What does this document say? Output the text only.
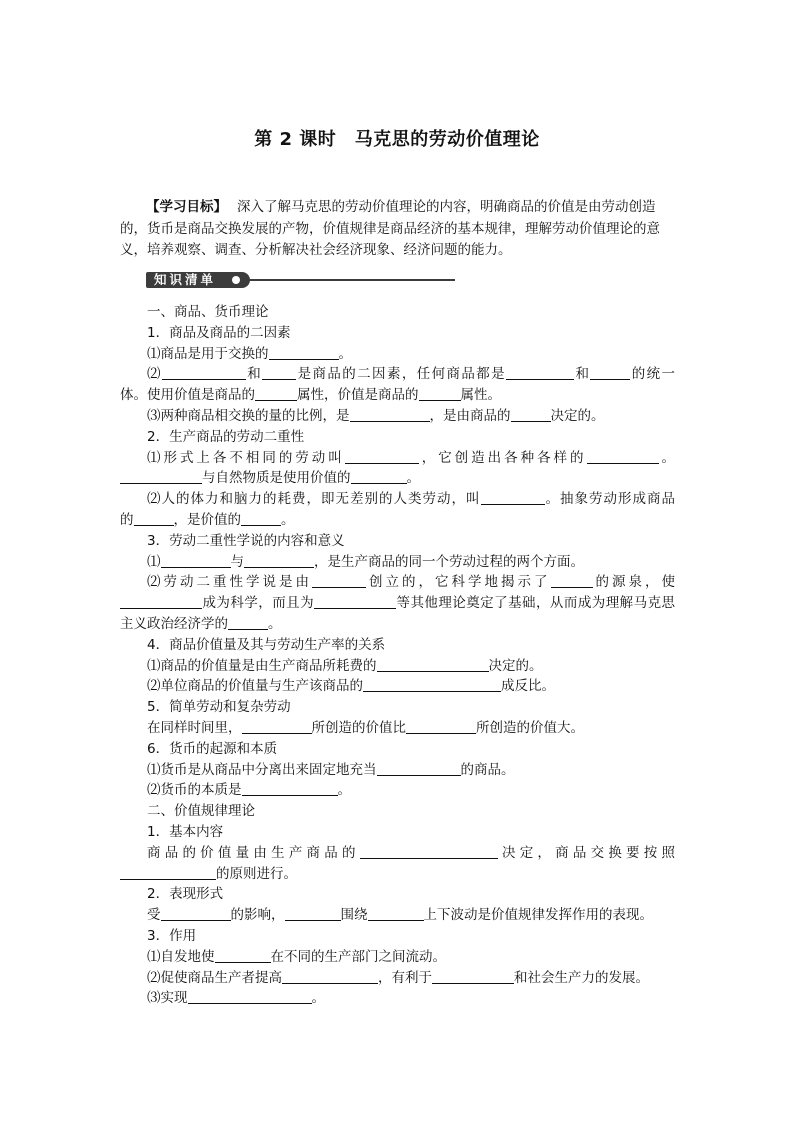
第 2 课时　马克思的劳动价值理论
【学习目标】 深入了解马克思的劳动价值理论的内容，明确商品的价值是由劳动创造
的，货币是商品交换发展的产物，价值规律是商品经济的基本规律，理解劳动价值理论的意
义，培养观察、调查、分析解决社会经济现象、经济问题的能力。
知识清单
一、商品、货币理论
1．商品及商品的二因素
⑴商品是用于交换的	。
⑵	和	是商品的二因素，任何商品都是	和	的统一
体。使用价值是商品的	属性，价值是商品的	属性。
⑶两种商品相交换的量的比例，是	，是由商品的	决定的。
2．生产商品的劳动二重性
⑴形式上各不相同的劳动叫	，它创造出各种各样的	。
与自然物质是使用价值的	。
⑵人的体力和脑力的耗费，即无差别的人类劳动，叫	。抽象劳动形成商品
的	，是价值的	。
3．劳动二重性学说的内容和意义
⑴	与	，是生产商品的同一个劳动过程的两个方面。
⑵劳动二重性学说是由	创立的，它科学地揭示了	的源泉，使
成为科学，而且为	等其他理论奠定了基础，从而成为理解马克思
主义政治经济学的	。
4．商品价值量及其与劳动生产率的关系
⑴商品的价值量是由生产商品所耗费的	决定的。
⑵单位商品的价值量与生产该商品的	成反比。
5．简单劳动和复杂劳动
在同样时间里，	所创造的价值比	所创造的价值大。
6．货币的起源和本质
⑴货币是从商品中分离出来固定地充当	的商品。
⑵货币的本质是	。
二、价值规律理论
1．基本内容
商品的价值量由生产商品的	决定，商品交换要按照
的原则进行。
2．表现形式
受	的影响，	围绕	上下波动是价值规律发挥作用的表现。
3．作用
⑴自发地使	在不同的生产部门之间流动。
⑵促使商品生产者提高	，有利于	和社会生产力的发展。
⑶实现	。
